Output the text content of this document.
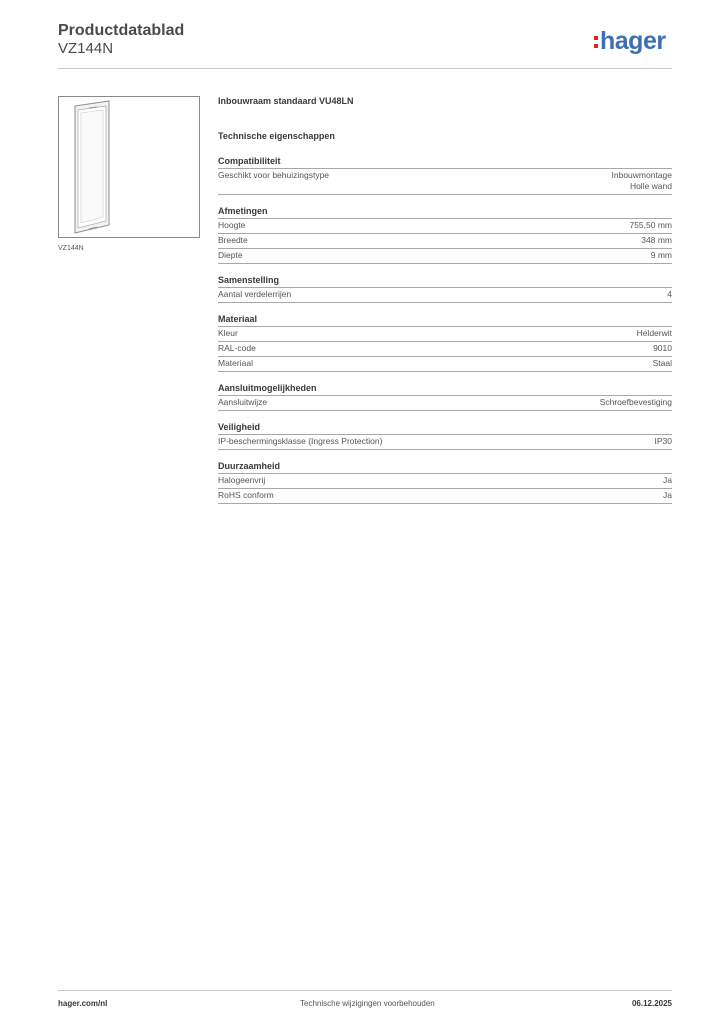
Productdatablad
VZ144N	hager
VZ144N
Inbouwraam standaard VU48LN
Technische eigenschappen
Compatibiliteit
Geschikt voor behuizingstype	Inbouwmontage
Holle wand
Afmetingen
Hoogte	755,50 mm
Breedte	348 mm
Diepte	9 mm
Samenstelling
Aantal verdelerrijen	4
Materiaal
Kleur	Helderwit
RAL-code	9010
Materiaal	Staal
Aansluitmogelijkheden
Aansluitwijze	Schroefbevestiging
Veiligheid
IP-beschermingsklasse (Ingress Protection)	IP30
Duurzaamheid
Halogeenvrij	Ja
RoHS conform	Ja
hager.com/nl	Technische wijzigingen voorbehouden	06.12.2025
